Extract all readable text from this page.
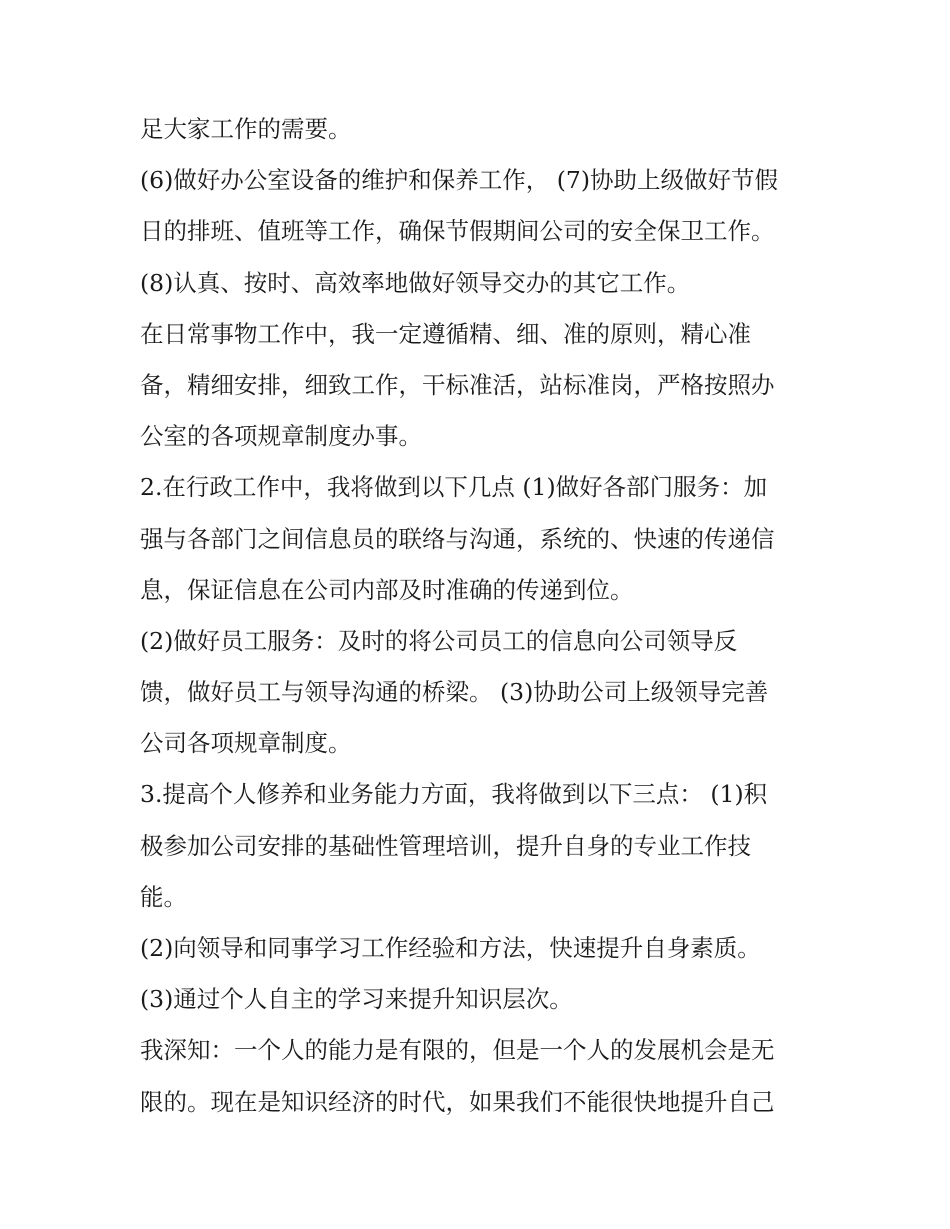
足大家工作的需要。
(6)做好办公室设备的维护和保养工作， (7)协助上级做好节假
日的排班、值班等工作，确保节假期间公司的安全保卫工作。
(8)认真、按时、高效率地做好领导交办的其它工作。
在日常事物工作中，我一定遵循精、细、准的原则，精心准
备，精细安排，细致工作，干标准活，站标准岗，严格按照办
公室的各项规章制度办事。
2.在行政工作中，我将做到以下几点 (1)做好各部门服务：加
强与各部门之间信息员的联络与沟通，系统的、快速的传递信
息，保证信息在公司内部及时准确的传递到位。
(2)做好员工服务：及时的将公司员工的信息向公司领导反
馈，做好员工与领导沟通的桥梁。 (3)协助公司上级领导完善
公司各项规章制度。
3.提高个人修养和业务能力方面，我将做到以下三点： (1)积
极参加公司安排的基础性管理培训，提升自身的专业工作技
能。
(2)向领导和同事学习工作经验和方法，快速提升自身素质。
(3)通过个人自主的学习来提升知识层次。
我深知：一个人的能力是有限的，但是一个人的发展机会是无
限的。现在是知识经济的时代，如果我们不能很快地提升自己
